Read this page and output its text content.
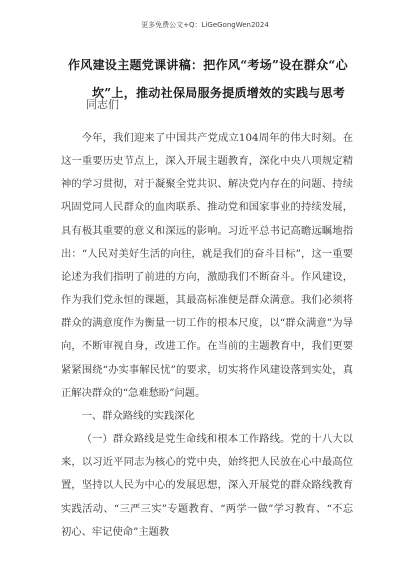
更多免费公文+Q：LiGeGongWen2024
作风建设主题党课讲稿：把作风“考场”设在群众“心
坎”上，推动社保局服务提质增效的实践与思考
同志们

今年，我们迎来了中国共产党成立104周年的伟大时刻。在这一重要历史节点上，深入开展主题教育，深化中央八项规定精神的学习贯彻，对于凝聚全党共识、解决党内存在的问题、持续巩固党同人民群众的血肉联系、推动党和国家事业的持续发展，具有极其重要的意义和深远的影响。习近平总书记高瞻远瞩地指出：“人民对美好生活的向往，就是我们的奋斗目标”，这一重要论述为我们指明了前进的方向，激励我们不断奋斗。作风建设，作为我们党永恒的课题，其最高标准便是群众满意。我们必须将群众的满意度作为衡量一切工作的根本尺度，以“群众满意”为导向，不断审视自身，改进工作。在当前的主题教育中，我们更要紧紧围绕“办实事解民忧”的要求，切实将作风建设落到实处，真正解决群众的“急难愁盼”问题。

一、群众路线的实践深化

（一）群众路线是党生命线和根本工作路线。党的十八大以来，以习近平同志为核心的党中央，始终把人民放在心中最高位置，坚持以人民为中心的发展思想，深入开展党的群众路线教育实践活动、“三严三实”专题教育、“两学一做”学习教育、“不忘初心、牢记使命”主题教
